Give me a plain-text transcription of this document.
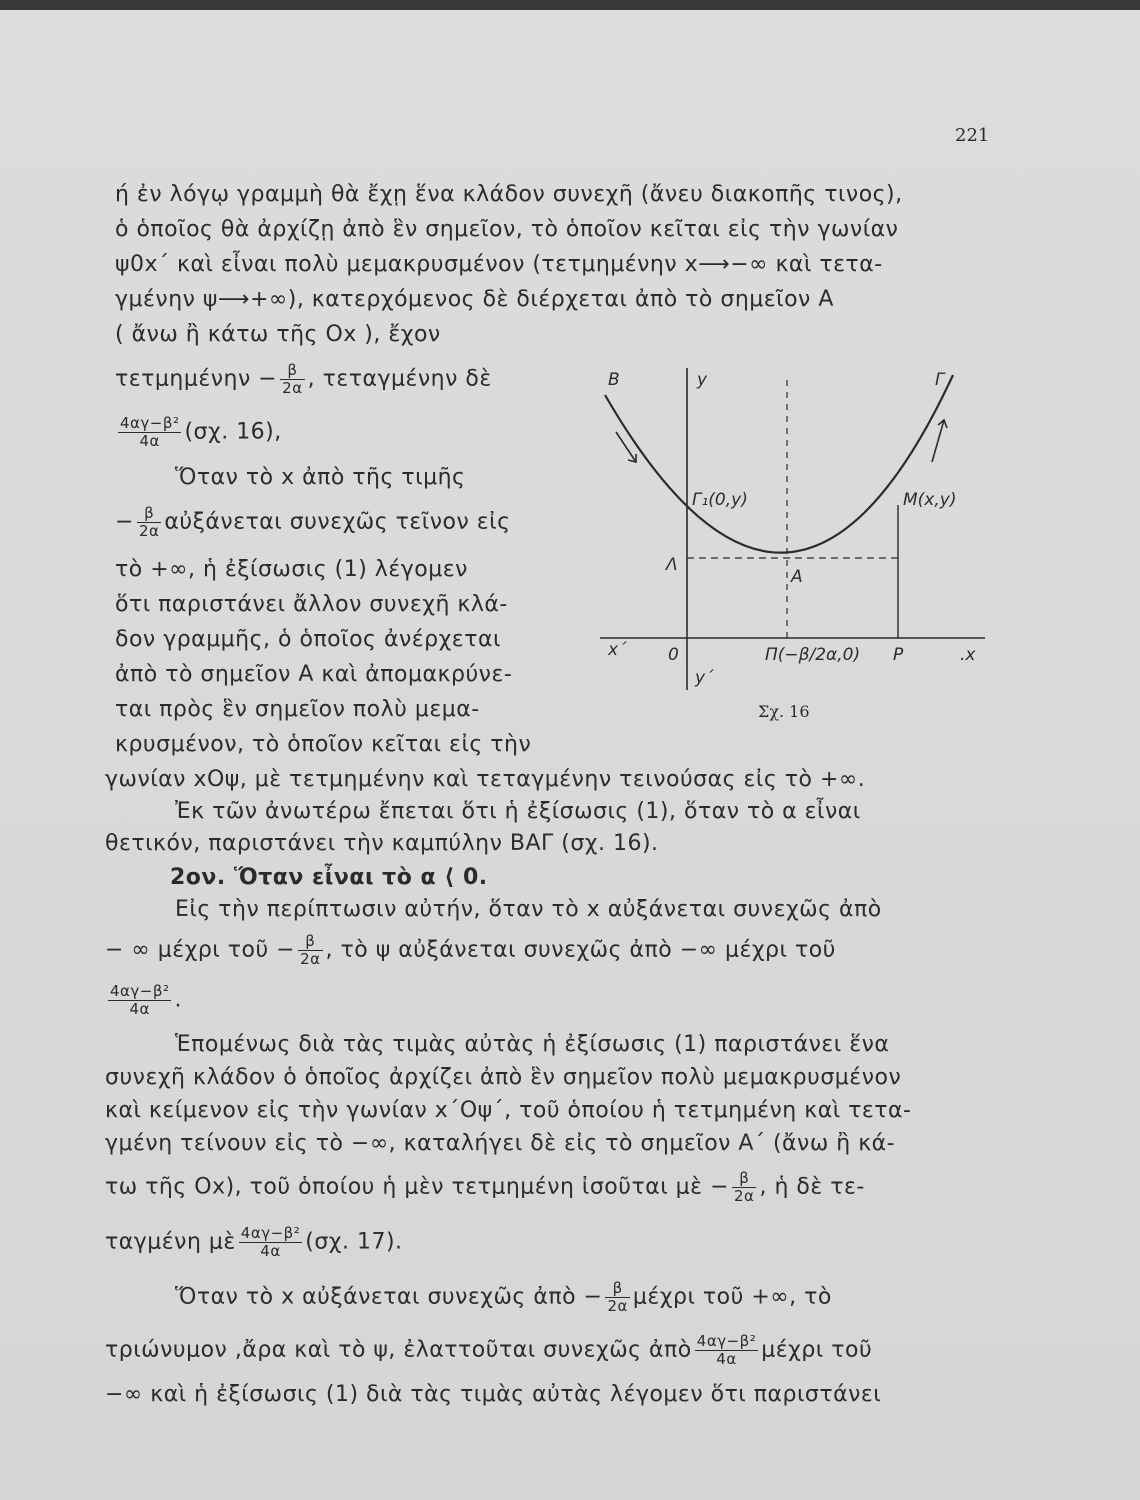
221
ή ἐν λόγῳ γραμμὴ θὰ ἔχῃ ἕνα κλάδον συνεχῆ (ἄνευ διακοπῆς τινος),
ὁ ὁποῖος θὰ ἀρχίζῃ ἀπὸ ἓν σημεῖον, τὸ ὁποῖον κεῖται εἰς τὴν γωνίαν
ψ0x΄ καὶ εἶναι πολὺ μεμακρυσμένον (τετμημένην x⟶−∞ καὶ τετα-
γμένην ψ⟶+∞), κατερχόμενος δὲ διέρχεται ἀπὸ τὸ σημεῖον Α
( ἄνω ἢ κάτω τῆς Ox ), ἔχον
$\tau\varepsilon\tau\mu\eta\mu έ\nu\eta\nu - \frac{\beta}{2\alpha}$ , τεταγμένην δὲ
$\frac{\text{4αγ−β²}}{4\alpha} (\sigma\chi$. 16),
Ὅταν τὸ x ἀπὸ τῆς τιμῆς
− $\frac{\beta}{2\alpha}$ αὐξάνεται συνεχῶς τεῖνον εἰς
τὸ +∞, ἡ ἐξίσωσις (1) λέγομεν
ὅτι παριστάνει ἄλλον συνεχῆ κλά-
δον γραμμῆς, ὁ ὁποῖος ἀνέρχεται
ἀπὸ τὸ σημεῖον Α καὶ ἀπομακρύνε-
ται πρὸς ἓν σημεῖον πολὺ μεμα-
κρυσμένον, τὸ ὁποῖον κεῖται εἰς τὴν
γωνίαν xOψ, μὲ τετμημένην καὶ τεταγμένην τεινούσας εἰς τὸ +∞.
Ἐκ τῶν ἀνωτέρω ἔπεται ὅτι ἡ ἐξίσωσις (1), ὅταν τὸ α εἶναι
θετικόν, παριστάνει τὴν καμπύλην ΒΑΓ (σχ. 16).
2ον. Ὅταν εἶναι τὸ α ⟨ 0.
Εἰς τὴν περίπτωσιν αὐτήν, ὅταν τὸ x αὐξάνεται συνεχῶς ἀπὸ
− ∞ μέχρι τοῦ − $\frac{\beta}{2\alpha}$ , τὸ ψ αὐξάνεται συνεχῶς ἀπὸ −∞ μέχρι τοῦ
$\frac{\text{4αγ−β²}}{4\alpha}$ .
Ἑπομένως διὰ τὰς τιμὰς αὐτὰς ἡ ἐξίσωσις (1) παριστάνει ἕνα
συνεχῆ κλάδον ὁ ὁποῖος ἀρχίζει ἀπὸ ἓν σημεῖον πολὺ μεμακρυσμένον
καὶ κείμενον εἰς τὴν γωνίαν x΄Oψ΄, τοῦ ὁποίου ἡ τετμημένη καὶ τετα-
γμένη τείνουν εἰς τὸ −∞, καταλήγει δὲ εἰς τὸ σημεῖον Α΄ (ἄνω ἢ κά-
τω τῆς Ox), τοῦ ὁποίου ἡ μὲν τετμημένη ἰσοῦται μὲ − $\frac{\beta}{2\alpha}$ , ἡ δὲ τε-
ταγμένη μὲ $\frac{\text{4αγ−β²}}{4\alpha} (\sigma\chi$. 17).
Ὅταν τὸ x αὐξάνεται συνεχῶς ἀπὸ − $\frac{\beta}{2\alpha}$ μέχρι τοῦ +∞, τὸ
τριώνυμον ,ἄρα καὶ τὸ ψ, ἐλαττοῦται συνεχῶς ἀπὸ $\frac{\text{4αγ−β²}}{4\alpha}$ μέχρι τοῦ
−∞ καὶ ἡ ἐξίσωσις (1) διὰ τὰς τιμὰς αὐτὰς λέγομεν ὅτι παριστάνει
B	y	Γ
Γ₁(0,y)	M(x,y)
Λ
A
x΄ 0	Π(−β/2α,0) P	.x
y΄
Σχ. 16
